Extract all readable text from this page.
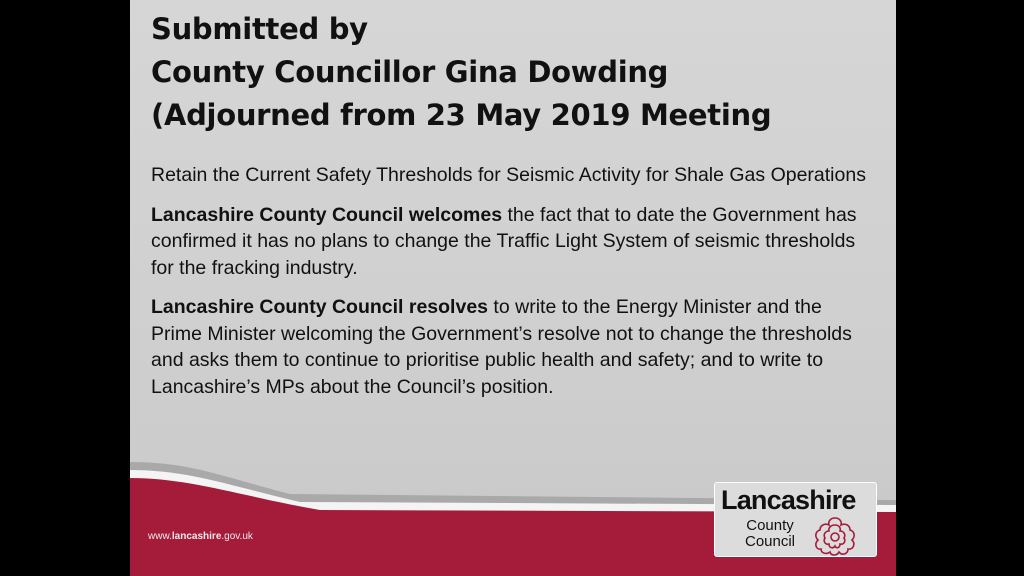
Submitted by
County Councillor Gina Dowding
(Adjourned from 23 May 2019 Meeting

Retain the Current Safety Thresholds for Seismic Activity for Shale Gas Operations

Lancashire County Council welcomes the fact that to date the Government has confirmed it has no plans to change the Traffic Light System of seismic thresholds for the fracking industry.

Lancashire County Council resolves to write to the Energy Minister and the Prime Minister welcoming the Government’s resolve not to change the thresholds and asks them to continue to prioritise public health and safety; and to write to Lancashire’s MPs about the Council’s position.

www.lancashire.gov.uk
Lancashire
County
Council
